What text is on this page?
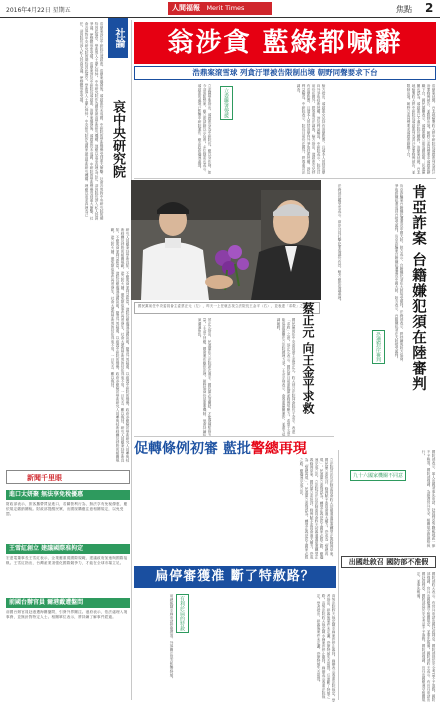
2016年4月22日 星期五	人間福報 Merit Times	焦點 2
社論
哀中央研究院
浩鼎案涉及中研院長翁啟惠，浩鼎案爆發後，翁啟惠仍未返國，中研院的學術聲譽受到重大衝擊，社會各界對中央研究院的期待因此落空，學術界人士憂心忡忡。中央研究院作為國家最高學術研究機構，理應以追求真理為己任，卻因院長涉入私人投資爭議，使整體形象受損。浩鼎案涉及中研院長翁啟惠，浩鼎案爆發後，翁啟惠仍未返國，中研院的學術聲譽受到重大衝擊，社會各界對中央研究院的期待因此落空，學術界人士憂心忡忡。中央研究院作為國家最高學術研究機構，理應以追求真理為己任，卻因院長涉入私人投資爭議，使整體形象受損。
研究人員應秉持學術良知，不應與商業利益糾葛。翁院長應儘速返國說明，釐清外界疑慮，以維護中研院的聲譽。政府亦應檢討學術研究人員參與技術移轉及持股的相關規範，建立防火牆，避免類似事件再度發生。社會大眾對學術界的信任得來不易，一旦失去，難以挽回。研究人員應秉持學術良知，不應與商業利益糾葛。翁院長應儘速返國說明，釐清外界疑慮，以維護中研院的聲譽。政府亦應檢討學術研究人員參與技術移轉及持股的相關規範，建立防火牆，避免類似事件再度發生。社會大眾對學術界的信任得來不易，一旦失去，難以挽回。
翁涉貪 藍綠都喊辭
浩鼎案滾雪球 列貪汙罪被告限制出境 朝野同聲要求下台
浩鼎案延燒，台北地檢署昨天將中研院長翁啟惠列為貪汙治罪條例被告，並限制出境。朝野立委同聲要求翁啟惠辭職下台，國民黨團表示，翁啟惠應立即返國說明；民進黨團也認為，翁啟惠已不適任院長職務。浩鼎案延燒，台北地檢署昨天將中研院長翁啟惠列為貪汙治罪條例被告，並限制出境。朝野立委同聲要求翁啟惠辭職下台。
檢方指出，翁啟惠女兒持有浩鼎股票，且翁本人曾替浩鼎向外爭取技術授權，涉及利益輸送。中研院表示，院長目前仍在國外，將尊重司法調查。檢方指出，翁啟惠女兒持有浩鼎股票，且翁本人曾替浩鼎向外爭取技術授權，涉及利益輸送。中研院表示，院長目前仍在國外，將尊重司法調查。
立委聯署聲援
立委陳學聖指出，翁啟惠身為中研院長，應以身作則，如今卻深陷弊案，應立即請辭以示負責。多位綠委也表示，翁啟惠的處境已影響中研院運作，應由政府儘速處理。
國民黨前任中央委員會主委蔡正元（左），昨天一上任就去找立法院長王金平（右），並表達「求救」之意。
蔡正元 向王金平求救
國民黨前任中央委員會主委蔡正元，昨天到立法院拜會院長王金平，表達「求救」之意。蔡正元表示，國民黨目前面臨黨產條例等壓力，希望王金平能協助黨團在立法院據理力爭。王金平則表示，會尊重黨團運作，並盡力協調朝野。
蔡正元指出，民進黨在立法院席次過半，國民黨必須團結，才能發揮監督力量。王金平回應，國會運作應依法理，朝野協商仍是重要機制，他會持續扮演溝通角色。	肯亞詐案 台籍嫌犯須在陸審判
肯亞詐騙案台籍嫌犯遭遣送中國大陸，陸方表示，台籍嫌犯須在大陸接受審判。法務部表示，將持續與陸方協商，爭取將嫌犯遣返回台接受審判。肯亞詐騙案台籍嫌犯遭遣送中國大陸，陸方表示，台籍嫌犯須在大陸接受審判。
恐遭對岸審判
法務部長羅瑩雪表示，兩岸共同打擊犯罪協議仍有效，雙方應依協議處理。
促轉條例初審 藍批警總再現
立法院司法及法制委員會昨天初審通過促進轉型正義條例草案，國民黨立委批評，條例賦予委員會過大權力，恐成為「警總再現」。民進黨立委則認為，轉型正義是民主國家必經之路，應儘速完成立法。立法院司法及法制委員會昨天初審通過促進轉型正義條例草案，國民黨立委批評，條例賦予委員會過大權力，恐成為「警總再現」。民進黨立委則認為，轉型正義是民主國家必經之路，應儘速完成立法。	國防部表示，軍人出國須事先申請，赴敘利亞等戰亂地區一律不予核准。國防部強調，為維護官兵安全，相關規定將嚴格執行。
九十六國家機關不同意
出國赴敘召 國防部不准假
國防部昨天表示，有官兵申請出國赴敘利亞，國防部基於安全考量不予准假。國防部強調，官兵出國應遵守相關規定，並事先報備。國防部昨天表示，有官兵申請出國赴敘利亞，國防部基於安全考量不予准假。國防部強調，官兵出國應遵守相關規定，並事先報備。
扁停審獲准 斷了特赦路？
有利於扁的特赦
前總統陳水扁申請停審獲准，外界關注是否影響特赦。	高等法院昨天裁定陳水扁案件停止審判，扁辦表示尊重法院裁定。學者指出，停審後案件未定讞，恐使特赦失去前提，反而斷了特赦之路。高等法院昨天裁定陳水扁案件停止審判，扁辦表示尊重法院裁定。學者指出，停審後案件未定讞，恐使特赦失去前提。
新聞千里眼
進口太妍聚 無法享免稅優惠
財政部表示，旅客攜帶貨品進口，若屬營利行為，無法享有免稅優惠，應依規定繳納關稅。財政部提醒民眾，出國採購應注意相關規定，以免受罰。
王雪紅創立 建議國際准拘定
宏達電董事長王雪紅表示，企業應重視國際規範，建議政府加速與國際接軌。王雪紅指出，台灣產業須強化國際競爭力，才能在全球市場立足。
前國台辦官員 爾港戴遭盤問
前國台辦官員赴港遭海關盤問，引發外界關注。港府表示，依法處理入境事務，並無針對特定人士。相關單位表示，將持續了解事件經過。
